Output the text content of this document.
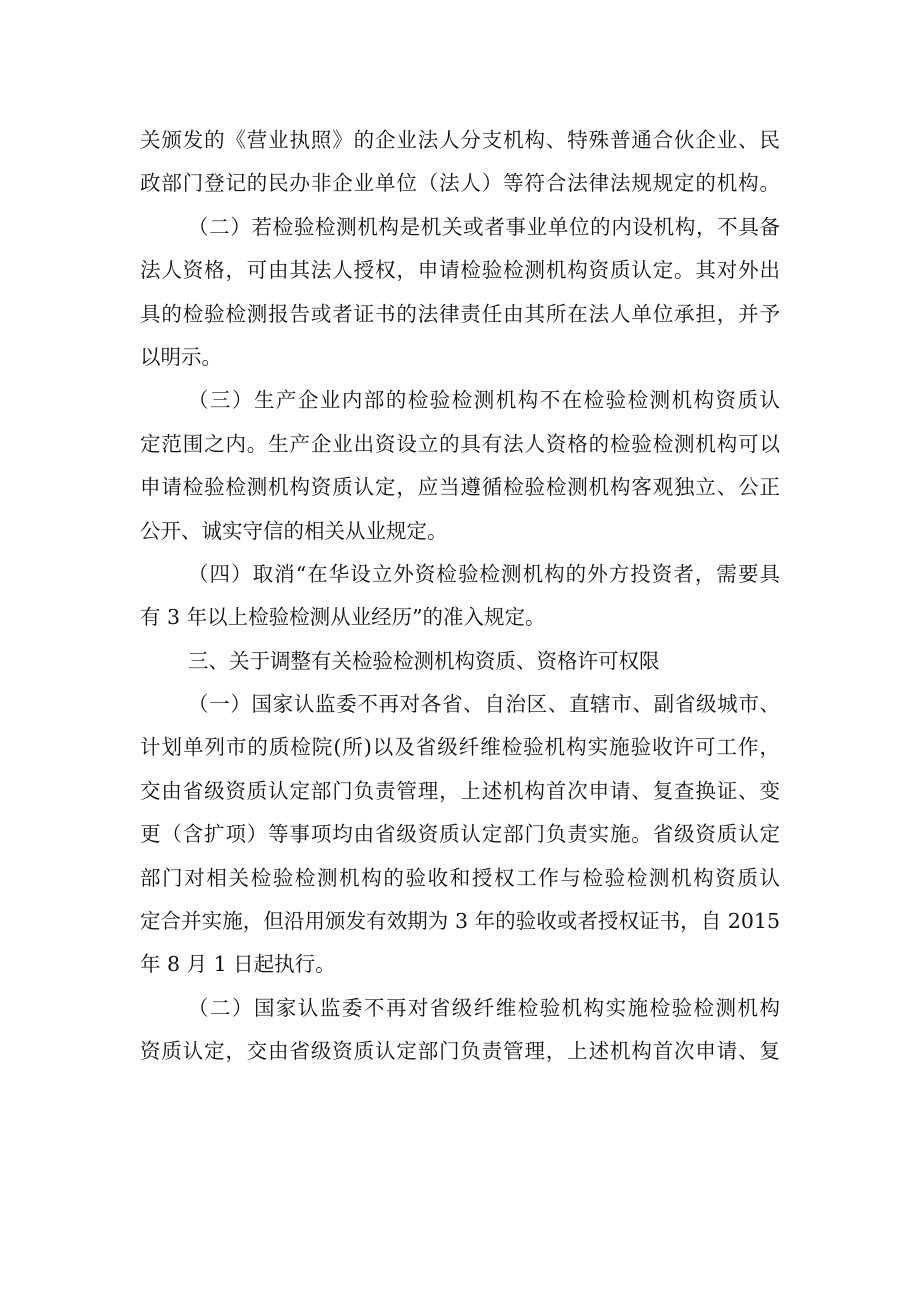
关颁发的《营业执照》的企业法人分支机构、特殊普通合伙企业、民
政部门登记的民办非企业单位（法人）等符合法律法规规定的机构。
（二）若检验检测机构是机关或者事业单位的内设机构，不具备
法人资格，可由其法人授权，申请检验检测机构资质认定。其对外出
具的检验检测报告或者证书的法律责任由其所在法人单位承担，并予
以明示。
（三）生产企业内部的检验检测机构不在检验检测机构资质认
定范围之内。生产企业出资设立的具有法人资格的检验检测机构可以
申请检验检测机构资质认定，应当遵循检验检测机构客观独立、公正
公开、诚实守信的相关从业规定。
（四）取消“在华设立外资检验检测机构的外方投资者，需要具
有 3 年以上检验检测从业经历”的准入规定。
三、关于调整有关检验检测机构资质、资格许可权限
（一）国家认监委不再对各省、自治区、直辖市、副省级城市、
计划单列市的质检院(所)以及省级纤维检验机构实施验收许可工作，
交由省级资质认定部门负责管理，上述机构首次申请、复查换证、变
更（含扩项）等事项均由省级资质认定部门负责实施。省级资质认定
部门对相关检验检测机构的验收和授权工作与检验检测机构资质认
定合并实施，但沿用颁发有效期为 3 年的验收或者授权证书，自 2015
年 8 月 1 日起执行。
（二）国家认监委不再对省级纤维检验机构实施检验检测机构
资质认定，交由省级资质认定部门负责管理，上述机构首次申请、复
